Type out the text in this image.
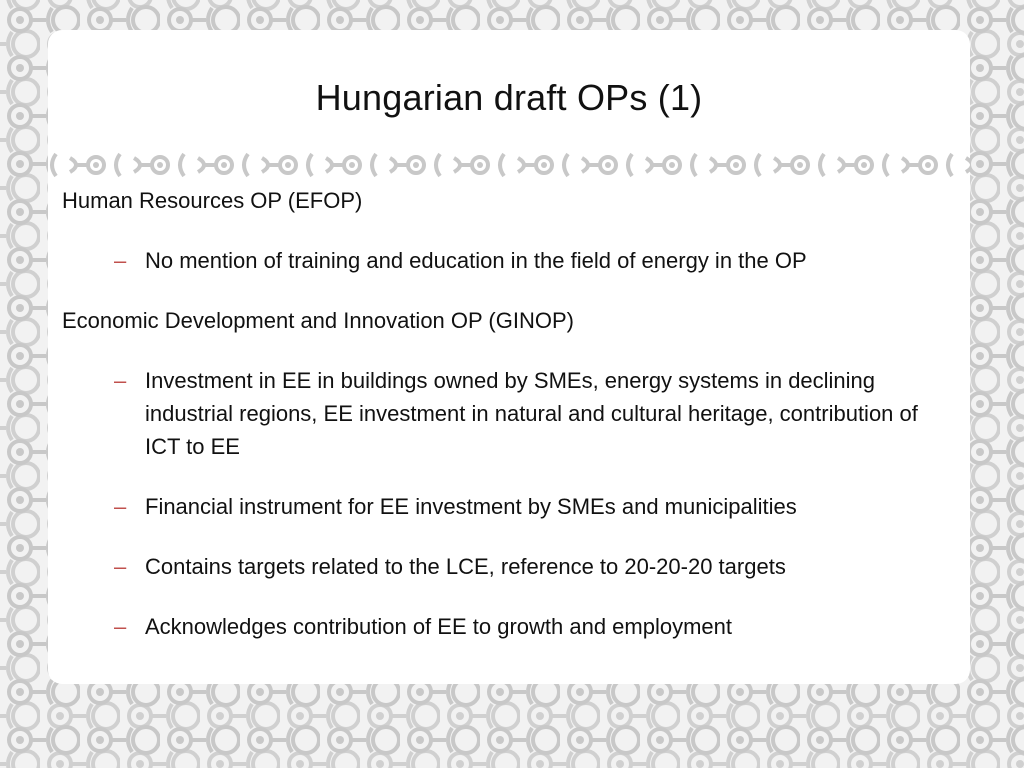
Hungarian draft OPs (1)

Human Resources OP (EFOP)

– No mention of training and education in the field of energy in the OP

Economic Development and Innovation OP (GINOP)

– Investment in EE in buildings owned by SMEs, energy systems in declining industrial regions, EE investment in natural and cultural heritage, contribution of ICT to EE
– Financial instrument for EE investment by SMEs and municipalities
– Contains targets related to the LCE, reference to 20-20-20 targets
– Acknowledges contribution of EE to growth and employment
